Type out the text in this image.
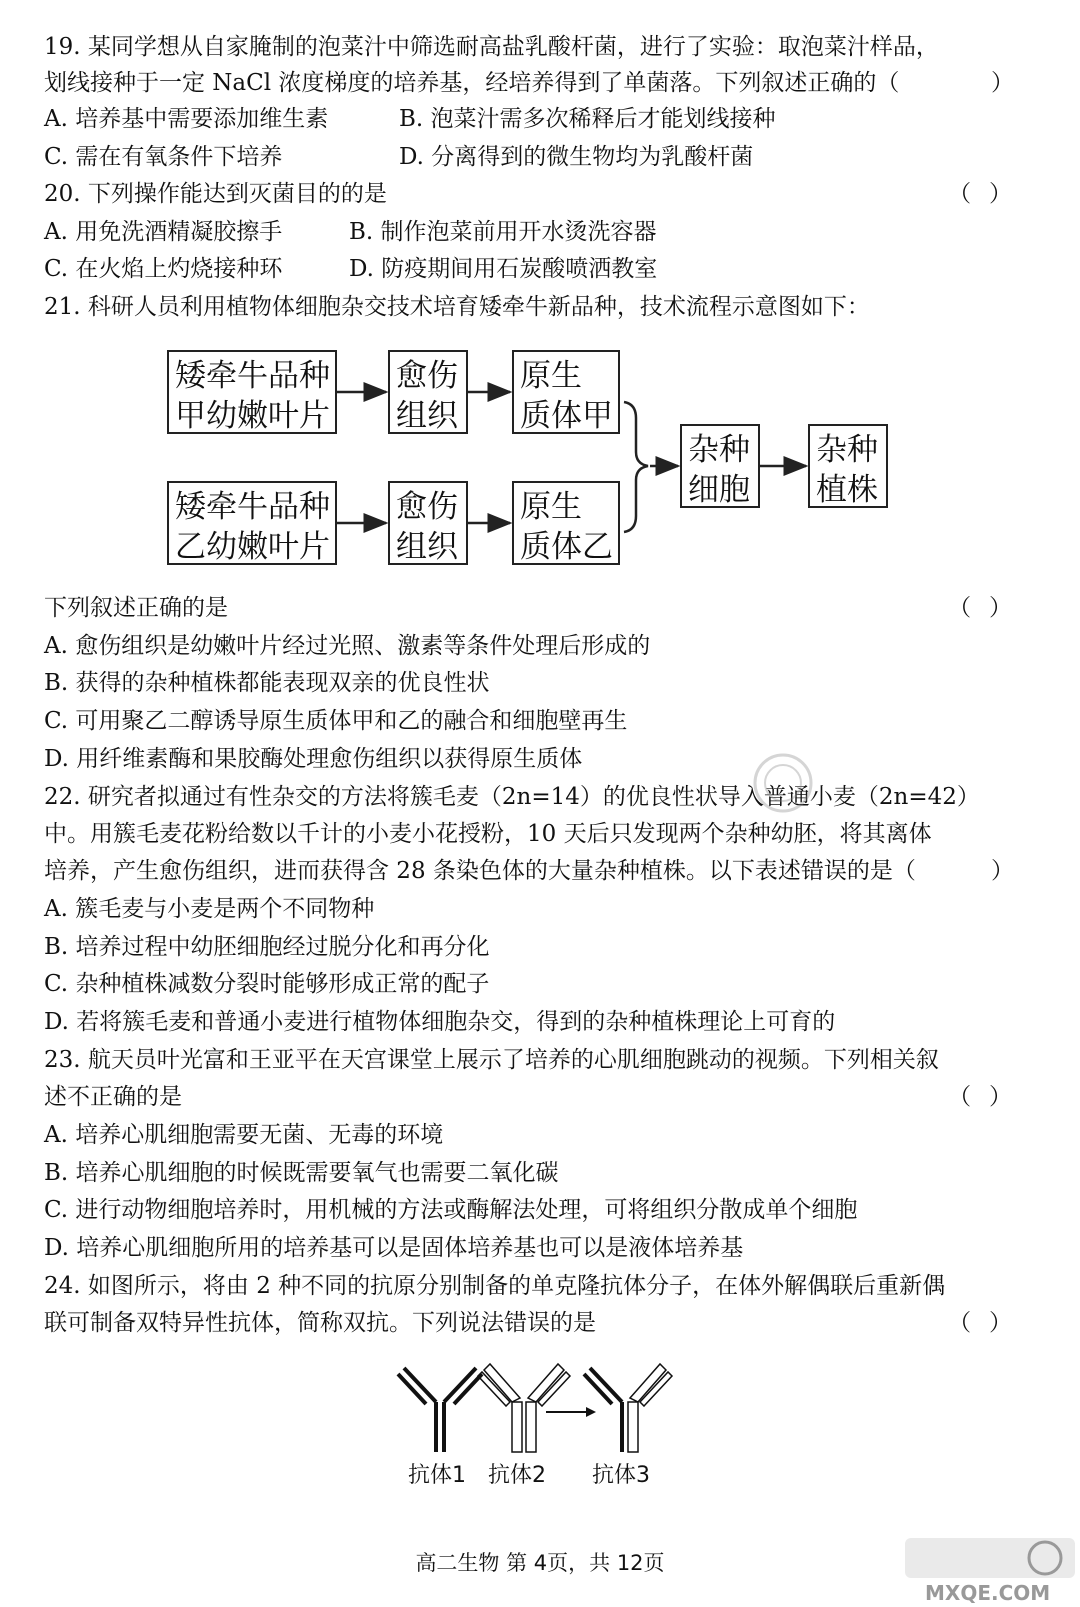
19. 某同学想从自家腌制的泡菜汁中筛选耐高盐乳酸杆菌，进行了实验：取泡菜汁样品，
划线接种于一定 NaCl 浓度梯度的培养基，经培养得到了单菌落。下列叙述正确的（	）
A. 培养基中需要添加维生素	B. 泡菜汁需多次稀释后才能划线接种
C. 需在有氧条件下培养	D. 分离得到的微生物均为乳酸杆菌
20. 下列操作能达到灭菌目的的是	（ ）
A. 用免洗酒精凝胶擦手	B. 制作泡菜前用开水烫洗容器
C. 在火焰上灼烧接种环	D. 防疫期间用石炭酸喷洒教室
21. 科研人员利用植物体细胞杂交技术培育矮牵牛新品种，技术流程示意图如下：
矮牵牛品种
甲幼嫩叶片
愈伤
组织
原生
质体甲
矮牵牛品种
乙幼嫩叶片
愈伤
组织
原生
质体乙
杂种
细胞
杂种
植株
下列叙述正确的是	（ ）
A. 愈伤组织是幼嫩叶片经过光照、激素等条件处理后形成的
B. 获得的杂种植株都能表现双亲的优良性状
C. 可用聚乙二醇诱导原生质体甲和乙的融合和细胞壁再生
D. 用纤维素酶和果胶酶处理愈伤组织以获得原生质体
22. 研究者拟通过有性杂交的方法将簇毛麦（2n=14）的优良性状导入普通小麦（2n=42）
中。用簇毛麦花粉给数以千计的小麦小花授粉，10 天后只发现两个杂种幼胚，将其离体
培养，产生愈伤组织，进而获得含 28 条染色体的大量杂种植株。以下表述错误的是（	）
A. 簇毛麦与小麦是两个不同物种
B. 培养过程中幼胚细胞经过脱分化和再分化
C. 杂种植株减数分裂时能够形成正常的配子
D. 若将簇毛麦和普通小麦进行植物体细胞杂交，得到的杂种植株理论上可育的
23. 航天员叶光富和王亚平在天宫课堂上展示了培养的心肌细胞跳动的视频。下列相关叙
述不正确的是	（ ）
A. 培养心肌细胞需要无菌、无毒的环境
B. 培养心肌细胞的时候既需要氧气也需要二氧化碳
C. 进行动物细胞培养时，用机械的方法或酶解法处理，可将组织分散成单个细胞
D. 培养心肌细胞所用的培养基可以是固体培养基也可以是液体培养基
24. 如图所示，将由 2 种不同的抗原分别制备的单克隆抗体分子，在体外解偶联后重新偶
联可制备双特异性抗体，简称双抗。下列说法错误的是	（ ）
抗体1 抗体2 抗体3
高二生物 第 4页，共 12页
MXQE.COM
